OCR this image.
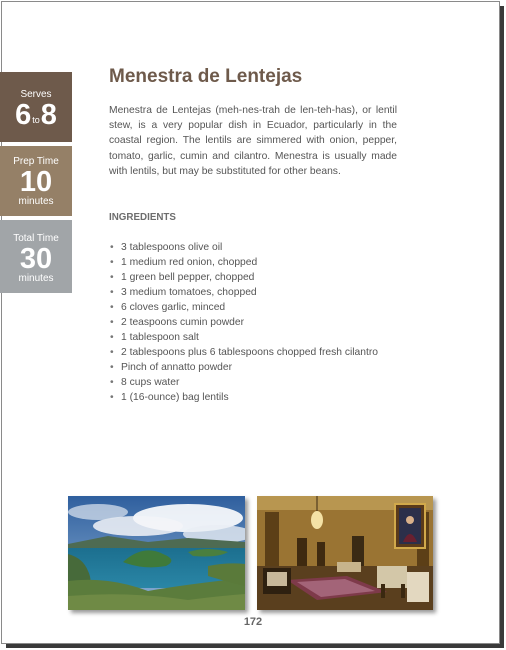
Serves
6 to 8
Prep Time
10
minutes
Total Time
30
minutes
Menestra de Lentejas

Menestra de Lentejas (meh-nes-trah de len-teh-has), or lentil stew, is a very popular dish in Ecuador, particularly in the coastal region. The lentils are simmered with onion, pepper, tomato, garlic, cumin and cilantro. Menestra is usually made with lentils, but may be substituted for other beans.

INGREDIENTS
• 3 tablespoons olive oil
• 1 medium red onion, chopped
• 1 green bell pepper, chopped
• 3 medium tomatoes, chopped
• 6 cloves garlic, minced
• 2 teaspoons cumin powder
• 1 tablespoon salt
• 2 tablespoons plus 6 tablespoons chopped fresh cilantro
• Pinch of annatto powder
• 8 cups water
• 1 (16-ounce) bag lentils
172
